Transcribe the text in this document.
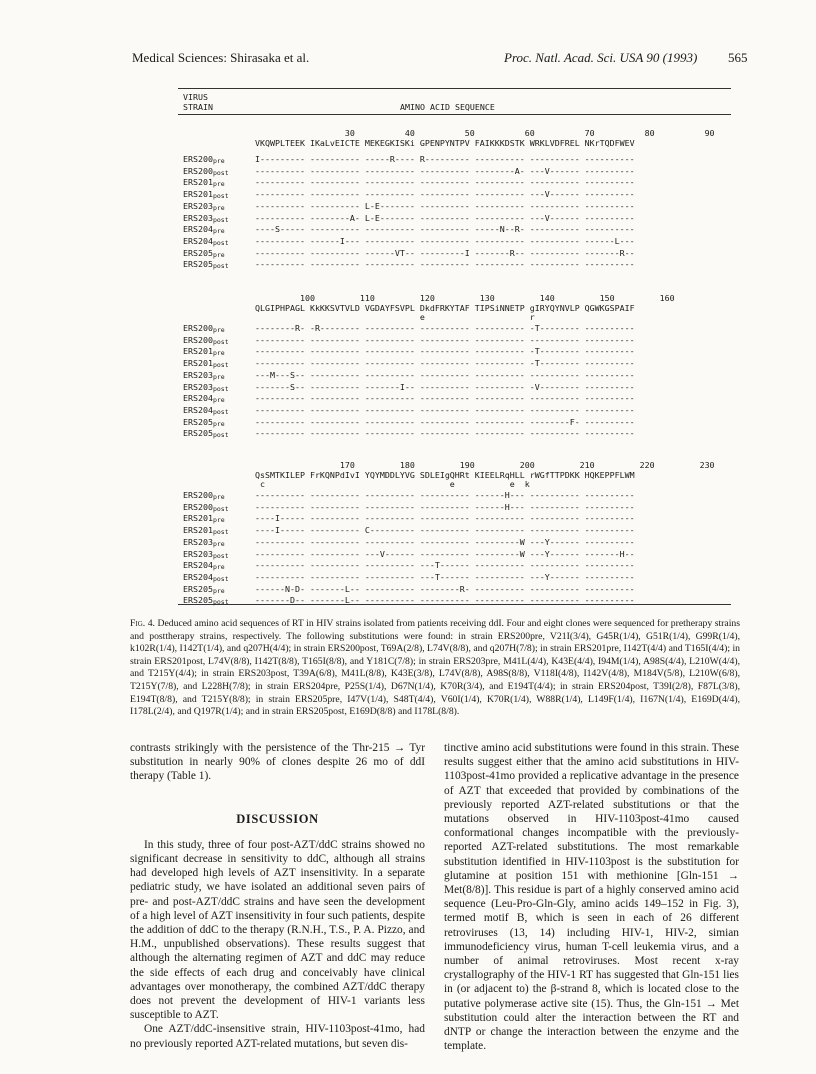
Medical Sciences: Shirasaka et al.	Proc. Natl. Acad. Sci. USA 90 (1993) 565
VIRUS
STRAIN	AMINO ACID SEQUENCE
30          40          50          60          70          80          90
VKQWPLTEEK IKaLvEICTE MEKEGKISKi GPENPYNTPV FAIKKKDSTK WRKLVDFREL NKrTQDFWEV
$ERS200_{pre}$	I--------- ---------- -----R---- R--------- ---------- ---------- ----------
$ERS200_{post}$	---------- ---------- ---------- ---------- --------A- ---V------ ----------
$ERS201_{pre}$	---------- ---------- ---------- ---------- ---------- ---------- ----------
$ERS201_{post}$	---------- ---------- ---------- ---------- ---------- ---V------ ----------
$ERS203_{pre}$	---------- ---------- L-E------- ---------- ---------- ---------- ----------
$ERS203_{post}$	---------- --------A- L-E------- ---------- ---------- ---V------ ----------
$ERS204_{pre}$	----S----- ---------- ---------- ---------- -----N--R- ---------- ----------
$ERS204_{post}$	---------- ------I--- ---------- ---------- ---------- ---------- ------L---
$ERS205_{pre}$	---------- ---------- ------VT-- ---------I -------R-- ---------- -------R--
$ERS205_{post}$	---------- ---------- ---------- ---------- ---------- ---------- ----------
100         110         120         130         140         150         160
QLGIPHPAGL KkKKSVTVLD VGDAYFSVPL DkdFRKYTAF TIPSiNNETP gIRYQYNVLP QGWKGSPAIF
e                     r
$ERS200_{pre}$	--------R- -R-------- ---------- ---------- ---------- -T-------- ----------
$ERS200_{post}$	---------- ---------- ---------- ---------- ---------- ---------- ----------
$ERS201_{pre}$	---------- ---------- ---------- ---------- ---------- -T-------- ----------
$ERS201_{post}$	---------- ---------- ---------- ---------- ---------- -T-------- ----------
$ERS203_{pre}$	---M---S-- ---------- ---------- ---------- ---------- ---------- ----------
$ERS203_{post}$	-------S-- ---------- -------I-- ---------- ---------- -V-------- ----------
$ERS204_{pre}$	---------- ---------- ---------- ---------- ---------- ---------- ----------
$ERS204_{post}$	---------- ---------- ---------- ---------- ---------- ---------- ----------
$ERS205_{pre}$	---------- ---------- ---------- ---------- ---------- --------F- ----------
$ERS205_{post}$	---------- ---------- ---------- ---------- ---------- ---------- ----------
170         180         190         200         210         220         230
QsSMTKILEP FrKQNPdIvI YQYMDDLYVG SDLEIgQHRt KIEELRqHLL rWGfTTPDKK HQKEPPFLWM
c                                     e           e  k
$ERS200_{pre}$	---------- ---------- ---------- ---------- ------H--- ---------- ----------
$ERS200_{post}$	---------- ---------- ---------- ---------- ------H--- ---------- ----------
$ERS201_{pre}$	----I----- ---------- ---------- ---------- ---------- ---------- ----------
$ERS201_{post}$	----I----- ---------- C--------- ---------- ---------- ---------- ----------
$ERS203_{pre}$	---------- ---------- ---------- ---------- ---------W ---Y------ ----------
$ERS203_{post}$	---------- ---------- ---V------ ---------- ---------W ---Y------ -------H--
$ERS204_{pre}$	---------- ---------- ---------- ---T------ ---------- ---------- ----------
$ERS204_{post}$	---------- ---------- ---------- ---T------ ---------- ---Y------ ----------
$ERS205_{pre}$	------N-D- -------L-- ---------- --------R- ---------- ---------- ----------
$ERS205_{post}$	-------D-- -------L-- ---------- ---------- ---------- ---------- ----------
Fig. 4. Deduced amino acid sequences of RT in HIV strains isolated from patients receiving ddI. Four and eight clones were sequenced for pretherapy strains and posttherapy strains, respectively. The following substitutions were found: in strain ERS200pre, V21I(3/4), G45R(1/4), G51R(1/4), G99R(1/4), k102R(1/4), I142T(1/4), and q207H(4/4); in strain ERS200post, T69A(2/8), L74V(8/8), and q207H(7/8); in strain ERS201pre, I142T(4/4) and T165I(4/4); in strain ERS201post, L74V(8/8), I142T(8/8), T165I(8/8), and Y181C(7/8); in strain ERS203pre, M41L(4/4), K43E(4/4), I94M(1/4), A98S(4/4), L210W(4/4), and T215Y(4/4); in strain ERS203post, T39A(6/8), M41L(8/8), K43E(3/8), L74V(8/8), A98S(8/8), V118I(4/8), I142V(4/8), M184V(5/8), L210W(6/8), T215Y(7/8), and L228H(7/8); in strain ERS204pre, P25S(1/4), D67N(1/4), K70R(3/4), and E194T(4/4); in strain ERS204post, T39I(2/8), F87L(3/8), E194T(8/8), and T215Y(8/8); in strain ERS205pre, I47V(1/4), S48T(4/4), V60I(1/4), K70R(1/4), W88R(1/4), L149F(1/4), I167N(1/4), E169D(4/4), I178L(2/4), and Q197R(1/4); and in strain ERS205post, E169D(8/8) and I178L(8/8).

contrasts strikingly with the persistence of the Thr-215 → Tyr substitution in nearly 90% of clones despite 26 mo of ddI therapy (Table 1).

DISCUSSION

In this study, three of four post-AZT/ddC strains showed no significant decrease in sensitivity to ddC, although all strains had developed high levels of AZT insensitivity. In a separate pediatric study, we have isolated an additional seven pairs of pre- and post-AZT/ddC strains and have seen the development of a high level of AZT insensitivity in four such patients, despite the addition of ddC to the therapy (R.N.H., T.S., P. A. Pizzo, and H.M., unpublished observations). These results suggest that although the alternating regimen of AZT and ddC may reduce the side effects of each drug and conceivably have clinical advantages over monotherapy, the combined AZT/ddC therapy does not prevent the development of HIV-1 variants less susceptible to AZT.

One AZT/ddC-insensitive strain, HIV-1103post-41mo, had no previously reported AZT-related mutations, but seven dis-

tinctive amino acid substitutions were found in this strain. These results suggest either that the amino acid substitutions in HIV-1103post-41mo provided a replicative advantage in the presence of AZT that exceeded that provided by combinations of the previously reported AZT-related substitutions or that the mutations observed in HIV-1103post-41mo caused conformational changes incompatible with the previously-reported AZT-related substitutions. The most remarkable substitution identified in HIV-1103post is the substitution for glutamine at position 151 with methionine [Gln-151 → Met(8/8)]. This residue is part of a highly conserved amino acid sequence (Leu-Pro-Gln-Gly, amino acids 149–152 in Fig. 3), termed motif B, which is seen in each of 26 different retroviruses (13, 14) including HIV-1, HIV-2, simian immunodeficiency virus, human T-cell leukemia virus, and a number of animal retroviruses. Most recent x-ray crystallography of the HIV-1 RT has suggested that Gln-151 lies in (or adjacent to) the β-strand 8, which is located close to the putative polymerase active site (15). Thus, the Gln-151 → Met substitution could alter the interaction between the RT and dNTP or change the interaction between the enzyme and the template.
